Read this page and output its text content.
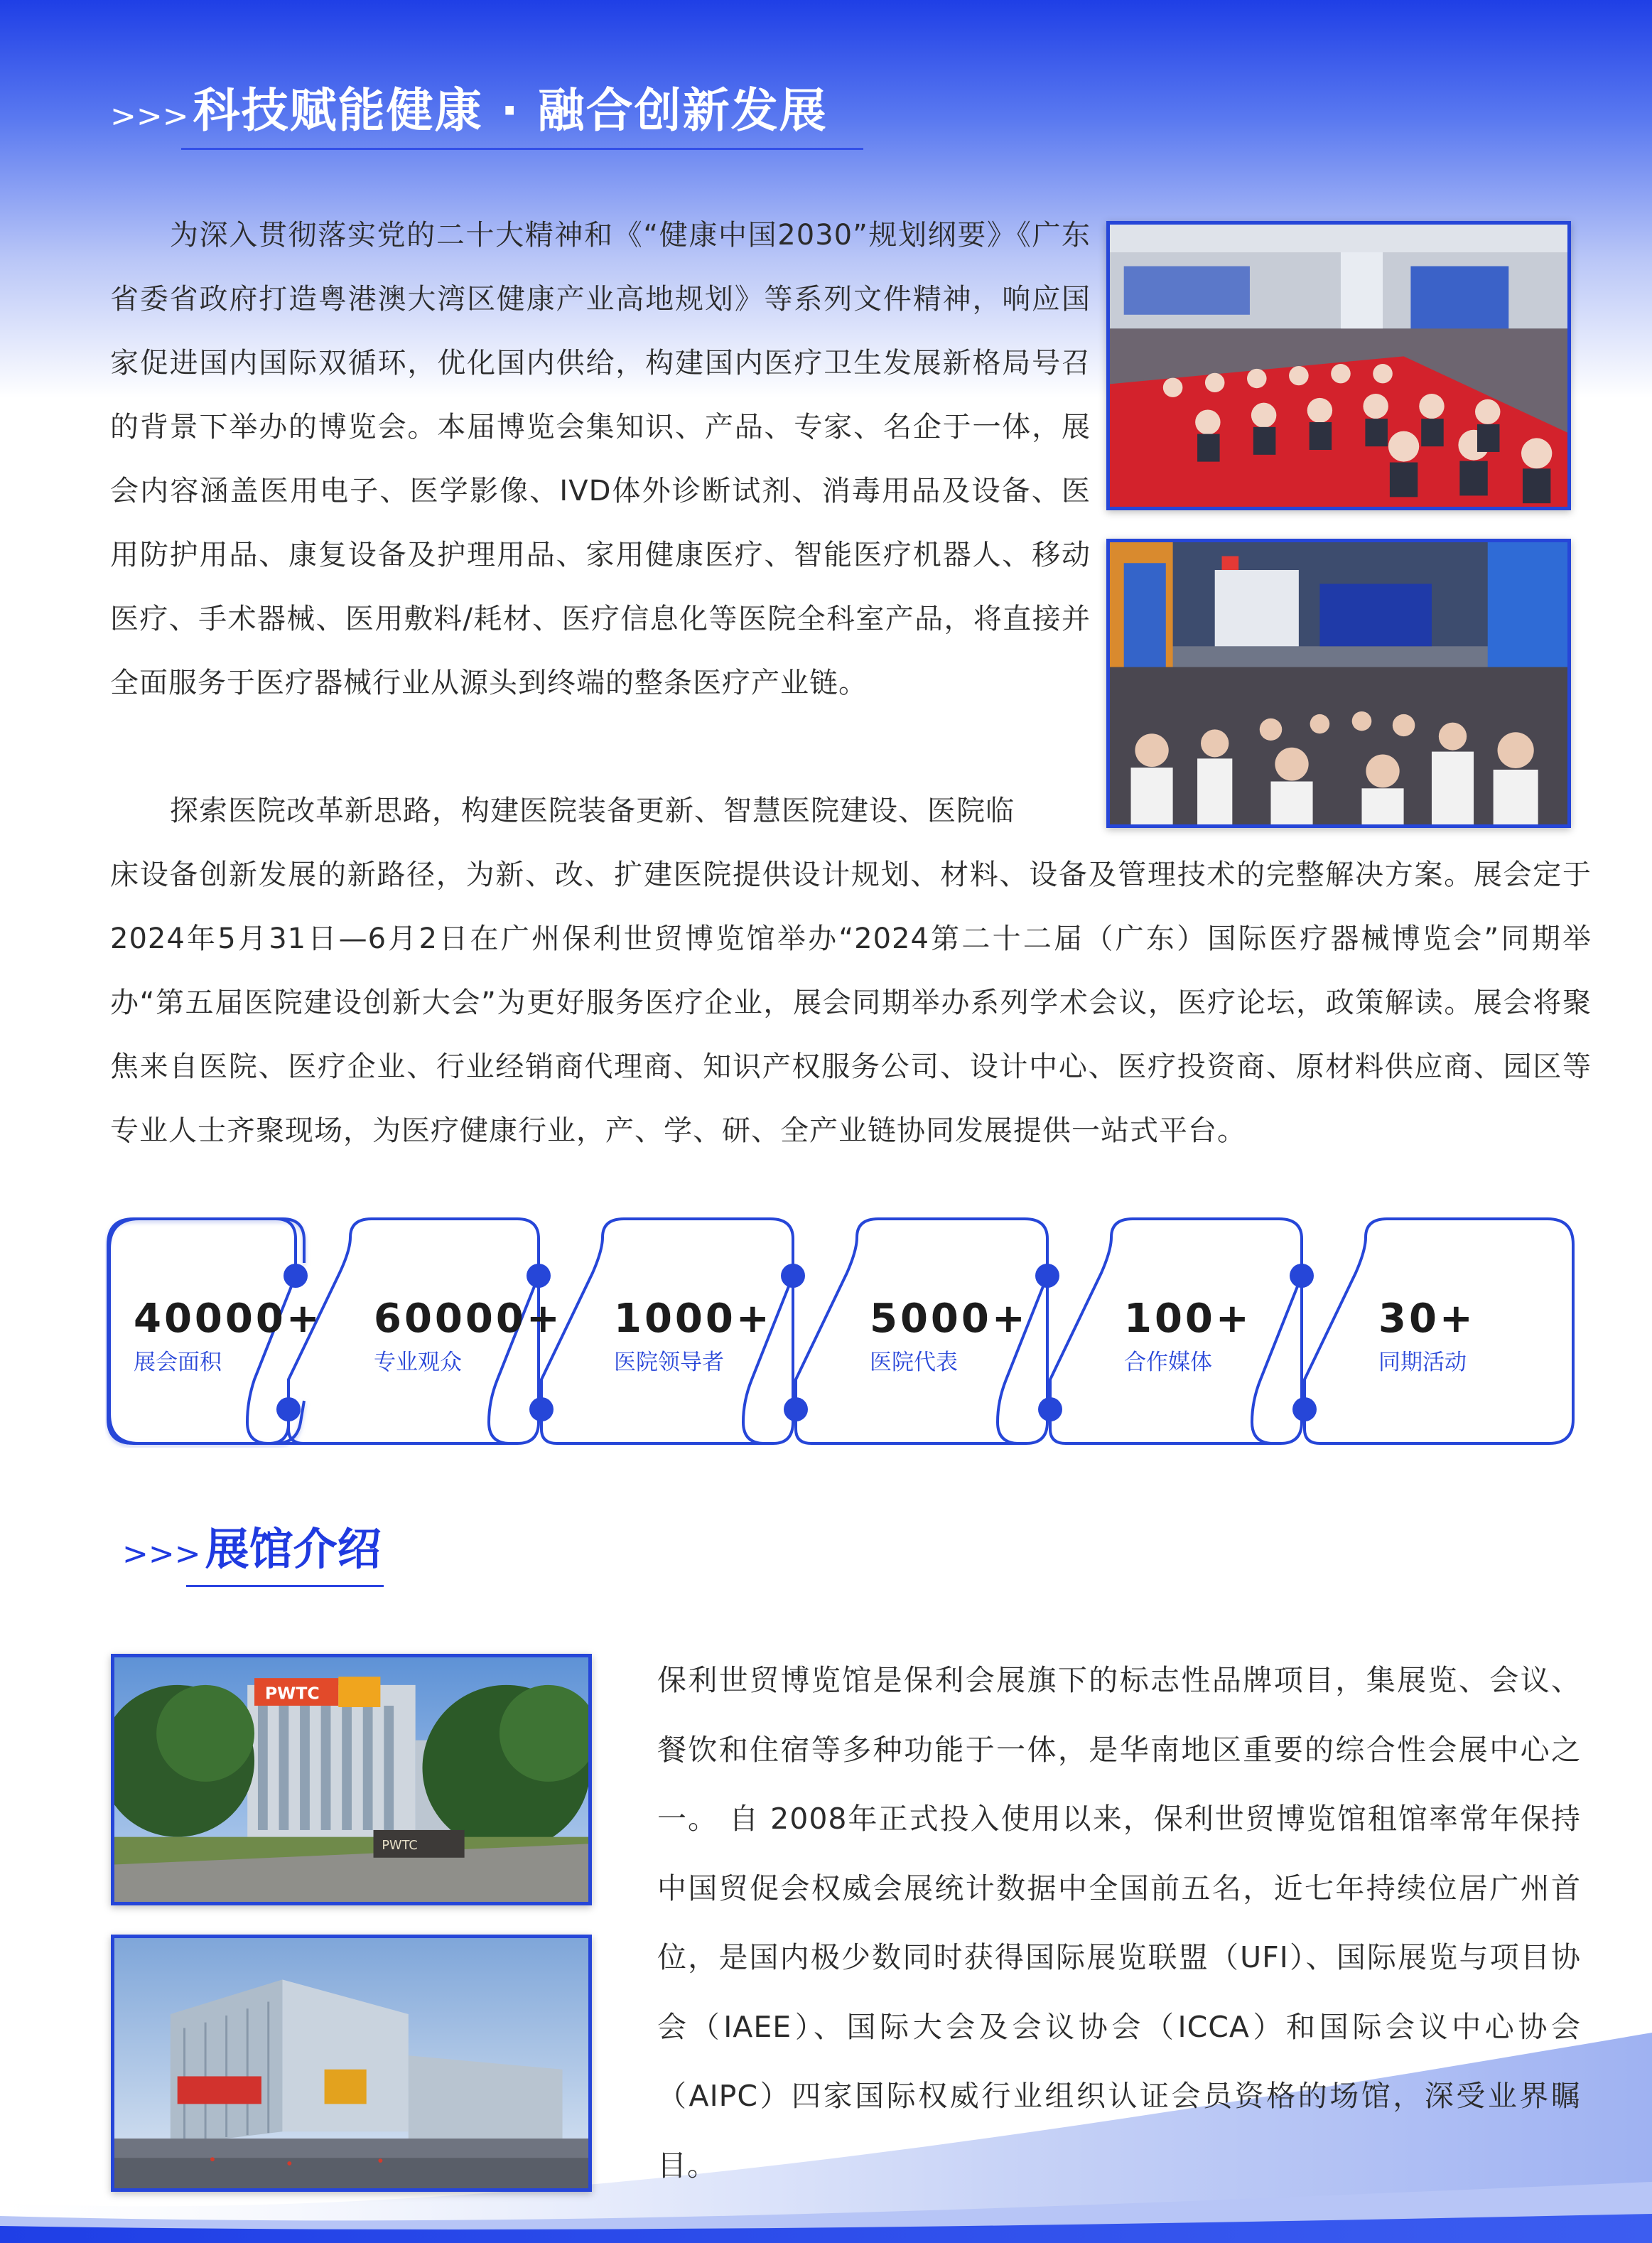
>>> 科技赋能健康 · 融合创新发展

为深入贯彻落实党的二十大精神和《“健康中国2030”规划纲要》《广东省委省政府打造粤港澳大湾区健康产业高地规划》等系列文件精神，响应国家促进国内国际双循环，优化国内供给，构建国内医疗卫生发展新格局号召的背景下举办的博览会。本届博览会集知识、产品、专家、名企于一体，展会内容涵盖医用电子、医学影像、IVD体外诊断试剂、消毒用品及设备、医用防护用品、康复设备及护理用品、家用健康医疗、智能医疗机器人、移动医疗、手术器械、医用敷料/耗材、医疗信息化等医院全科室产品，将直接并全面服务于医疗器械行业从源头到终端的整条医疗产业链。

探索医院改革新思路，构建医院装备更新、智慧医院建设、医院临

床设备创新发展的新路径，为新、改、扩建医院提供设计规划、材料、设备及管理技术的完整解决方案。展会定于2024年5月31日—6月2日在广州保利世贸博览馆举办“2024第二十二届（广东）国际医疗器械博览会”同期举办“第五届医院建设创新大会”为更好服务医疗企业，展会同期举办系列学术会议，医疗论坛，政策解读。展会将聚焦来自医院、医疗企业、行业经销商代理商、知识产权服务公司、设计中心、医疗投资商、原材料供应商、园区等专业人士齐聚现场，为医疗健康行业，产、学、研、全产业链协同发展提供一站式平台。

40000+
展会面积
60000+
专业观众
1000+
医院领导者
5000+
医院代表
100+
合作媒体
30+
同期活动
>>> 展馆介绍
PWTC
PWTC

保利世贸博览馆是保利会展旗下的标志性品牌项目，集展览、会议、餐饮和住宿等多种功能于一体，是华南地区重要的综合性会展中心之一。 自 2008年正式投入使用以来，保利世贸博览馆租馆率常年保持中国贸促会权威会展统计数据中全国前五名，近七年持续位居广州首位，是国内极少数同时获得国际展览联盟（UFI）、国际展览与项目协会（IAEE）、国际大会及会议协会（ICCA）和国际会议中心协会（AIPC）四家国际权威行业组织认证会员资格的场馆，深受业界瞩目。
